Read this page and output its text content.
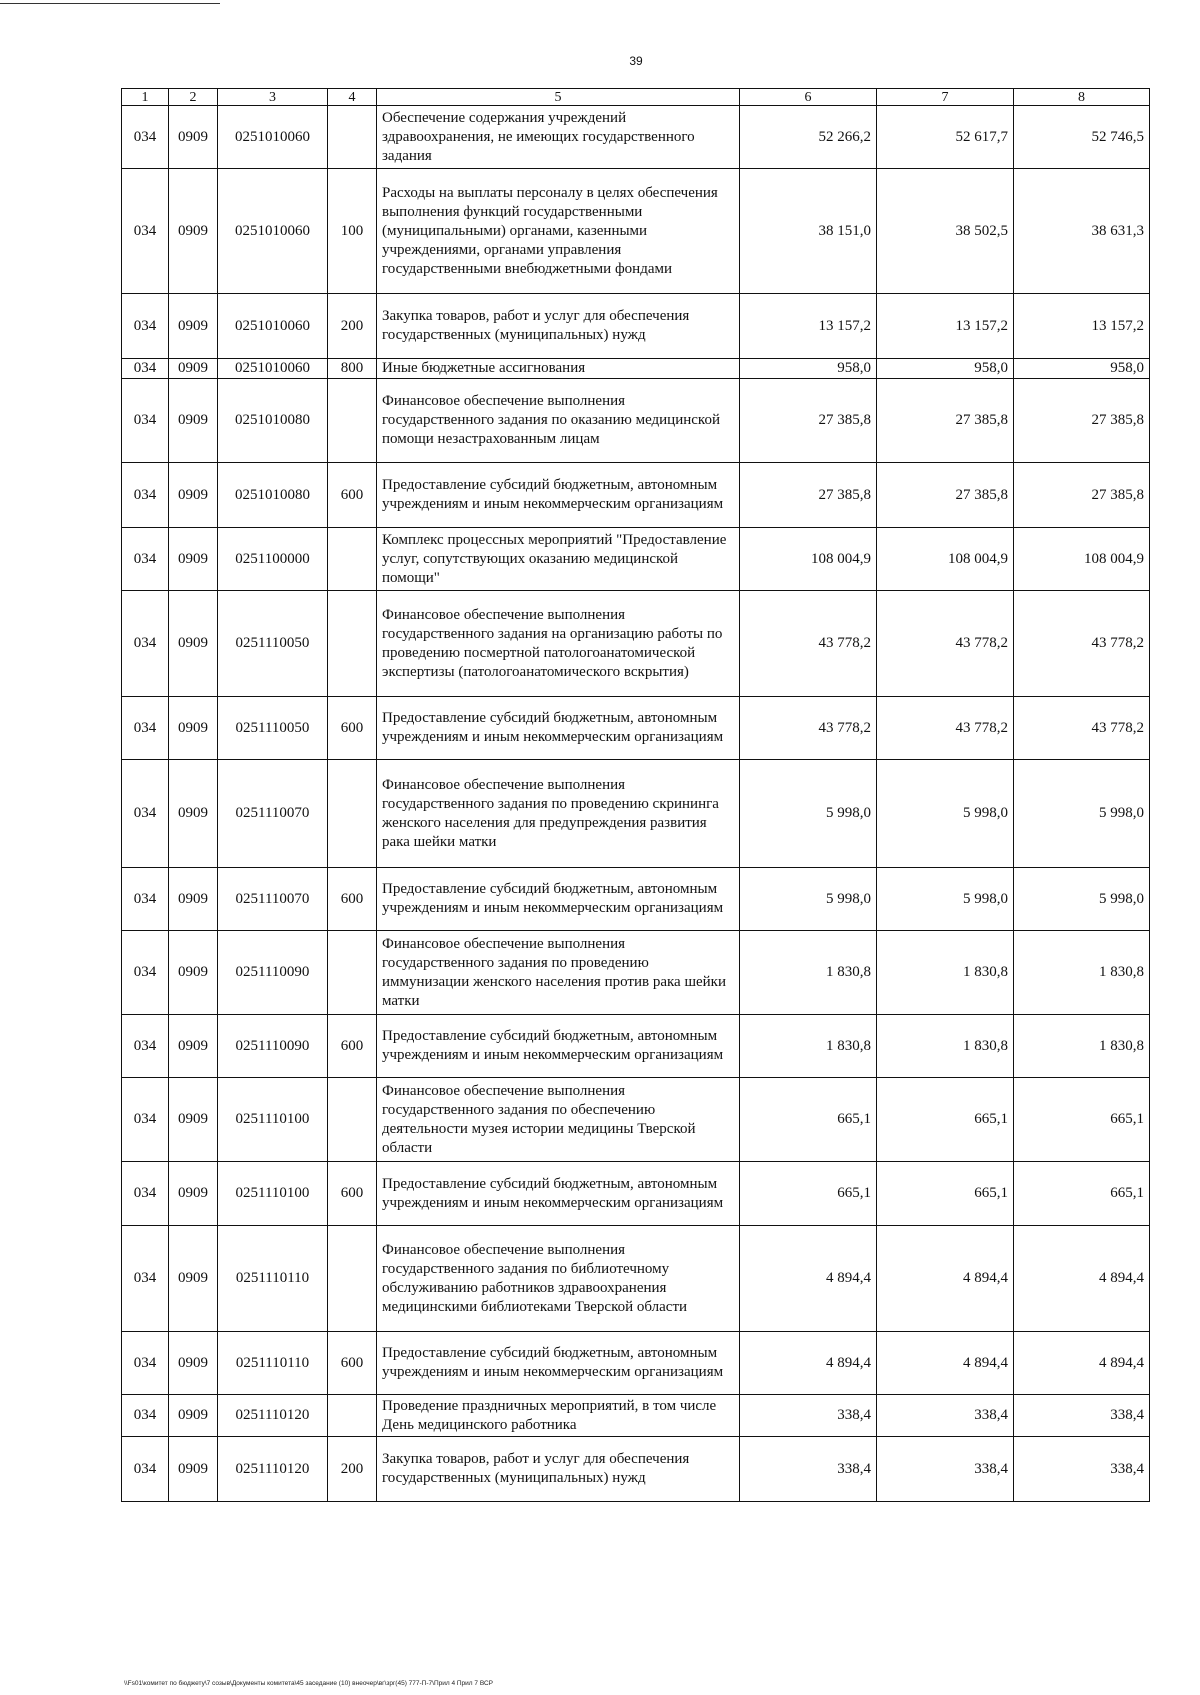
39
1	2	3	4	5	6	7	8
034	0909	0251010060		Обеспечение содержания учреждений здравоохранения, не имеющих государственного задания	52 266,2	52 617,7	52 746,5
034	0909	0251010060	100	Расходы на выплаты персоналу в целях обеспечения выполнения функций государственными (муниципальными) органами, казенными учреждениями, органами управления государственными внебюджетными фондами	38 151,0	38 502,5	38 631,3
034	0909	0251010060	200	Закупка товаров, работ и услуг для обеспечения государственных (муниципальных) нужд	13 157,2	13 157,2	13 157,2
034	0909	0251010060	800	Иные бюджетные ассигнования	958,0	958,0	958,0
034	0909	0251010080		Финансовое обеспечение выполнения государственного задания по оказанию медицинской помощи незастрахованным лицам	27 385,8	27 385,8	27 385,8
034	0909	0251010080	600	Предоставление субсидий бюджетным, автономным учреждениям и иным некоммерческим организациям	27 385,8	27 385,8	27 385,8
034	0909	0251100000		Комплекс процессных мероприятий "Предоставление услуг, сопутствующих оказанию медицинской помощи"	108 004,9	108 004,9	108 004,9
034	0909	0251110050		Финансовое обеспечение выполнения государственного задания на организацию работы по проведению посмертной патологоанатомической экспертизы (патологоанатомического вскрытия)	43 778,2	43 778,2	43 778,2
034	0909	0251110050	600	Предоставление субсидий бюджетным, автономным учреждениям и иным некоммерческим организациям	43 778,2	43 778,2	43 778,2
034	0909	0251110070		Финансовое обеспечение выполнения государственного задания по проведению скрининга женского населения для предупреждения развития рака шейки матки	5 998,0	5 998,0	5 998,0
034	0909	0251110070	600	Предоставление субсидий бюджетным, автономным учреждениям и иным некоммерческим организациям	5 998,0	5 998,0	5 998,0
034	0909	0251110090		Финансовое обеспечение выполнения государственного задания по проведению иммунизации женского населения против рака шейки матки	1 830,8	1 830,8	1 830,8
034	0909	0251110090	600	Предоставление субсидий бюджетным, автономным учреждениям и иным некоммерческим организациям	1 830,8	1 830,8	1 830,8
034	0909	0251110100		Финансовое обеспечение выполнения государственного задания по обеспечению деятельности музея истории медицины Тверской области	665,1	665,1	665,1
034	0909	0251110100	600	Предоставление субсидий бюджетным, автономным учреждениям и иным некоммерческим организациям	665,1	665,1	665,1
034	0909	0251110110		Финансовое обеспечение выполнения государственного задания по библиотечному обслуживанию работников здравоохранения медицинскими библиотеками Тверской области	4 894,4	4 894,4	4 894,4
034	0909	0251110110	600	Предоставление субсидий бюджетным, автономным учреждениям и иным некоммерческим организациям	4 894,4	4 894,4	4 894,4
034	0909	0251110120		Проведение праздничных мероприятий, в том числе День медицинского работника	338,4	338,4	338,4
034	0909	0251110120	200	Закупка товаров, работ и услуг для обеспечения государственных (муниципальных) нужд	338,4	338,4	338,4
\\Fs01\комитет по бюджету\7 созыв\Документы комитета\45 заседание (10) внеочер\вг\зрг(45) 777-П-7\Прил 4 Прил 7 ВСР
